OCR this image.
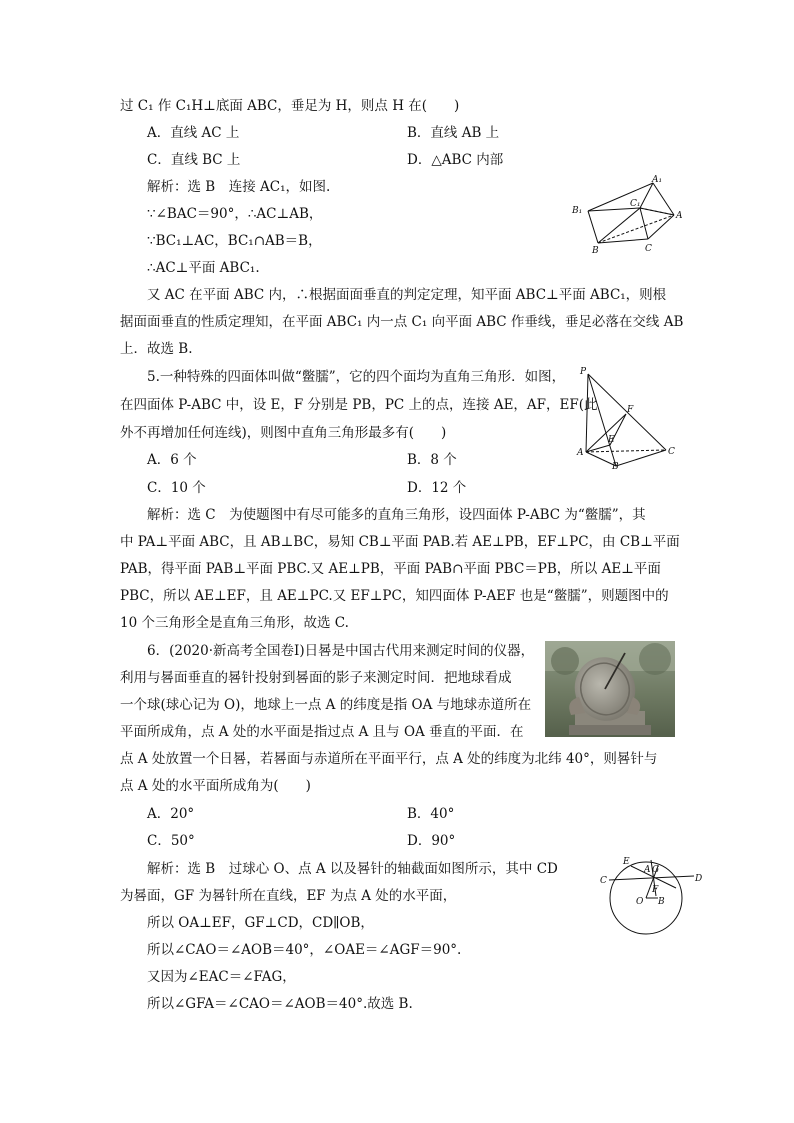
过 C₁ 作 C₁H⊥底面 ABC，垂足为 H，则点 H 在(　　)
A．直线 AC 上	B．直线 AB 上
C．直线 BC 上	D．△ABC 内部
解析：选 B　连接 AC₁，如图.
∵∠BAC＝90°，∴AC⊥AB，
∵BC₁⊥AC，BC₁∩AB＝B，
∴AC⊥平面 ABC₁.
A₁
C₁
B₁	A
B	C
又 AC 在平面 ABC 内，∴根据面面垂直的判定定理，知平面 ABC⊥平面 ABC₁，则根
据面面垂直的性质定理知，在平面 ABC₁ 内一点 C₁ 向平面 ABC 作垂线，垂足必落在交线 AB
上．故选 B.
5.一种特殊的四面体叫做“鳖臑”，它的四个面均为直角三角形．如图，
在四面体 P-ABC 中，设 E，F 分别是 PB，PC 上的点，连接 AE，AF，EF(此
外不再增加任何连线)，则图中直角三角形最多有(　　)
P
F
E
A	C
B
A．6 个	B．8 个
C．10 个	D．12 个
解析：选 C　为使题图中有尽可能多的直角三角形，设四面体 P-ABC 为“鳖臑”，其
中 PA⊥平面 ABC，且 AB⊥BC，易知 CB⊥平面 PAB.若 AE⊥PB，EF⊥PC，由 CB⊥平面
PAB，得平面 PAB⊥平面 PBC.又 AE⊥PB，平面 PAB∩平面 PBC＝PB，所以 AE⊥平面
PBC，所以 AE⊥EF，且 AE⊥PC.又 EF⊥PC，知四面体 P-AEF 也是“鳖臑”，则题图中的
10 个三角形全是直角三角形，故选 C.
6．(2020·新高考全国卷Ⅰ)日晷是中国古代用来测定时间的仪器，
利用与晷面垂直的晷针投射到晷面的影子来测定时间．把地球看成
一个球(球心记为 O)，地球上一点 A 的纬度是指 OA 与地球赤道所在
平面所成角，点 A 处的水平面是指过点 A 且与 OA 垂直的平面．在
点 A 处放置一个日晷，若晷面与赤道所在平面平行，点 A 处的纬度为北纬 40°，则晷针与
点 A 处的水平面所成角为(　　)
A．20°	B．40°
C．50°	D．90°
解析：选 B　过球心 O、点 A 以及晷针的轴截面如图所示，其中 CD
为晷面，GF 为晷针所在直线，EF 为点 A 处的水平面，
所以 OA⊥EF，GF⊥CD，CD∥OB，
所以∠CAO＝∠AOB＝40°，∠OAE＝∠AGF＝90°.
又因为∠EAC＝∠FAG，
所以∠GFA＝∠CAO＝∠AOB＝40°.故选 B.
E
A G
C	D
F
O B
